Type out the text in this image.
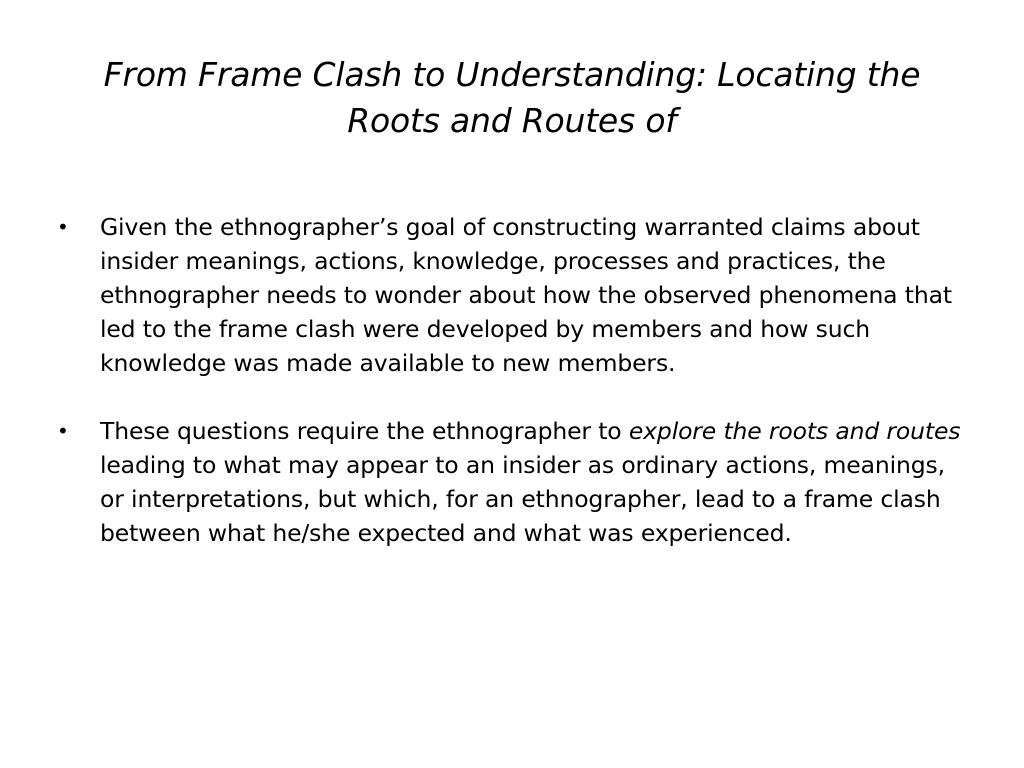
From Frame Clash to Understanding: Locating the Roots and Routes of
• Given the ethnographer’s goal of constructing warranted claims about insider meanings, actions, knowledge, processes and practices, the ethnographer needs to wonder about how the observed phenomena that led to the frame clash were developed by members and how such knowledge was made available to new members.
• These questions require the ethnographer to explore the roots and routes leading to what may appear to an insider as ordinary actions, meanings, or interpretations, but which, for an ethnographer, lead to a frame clash between what he/she expected and what was experienced.
